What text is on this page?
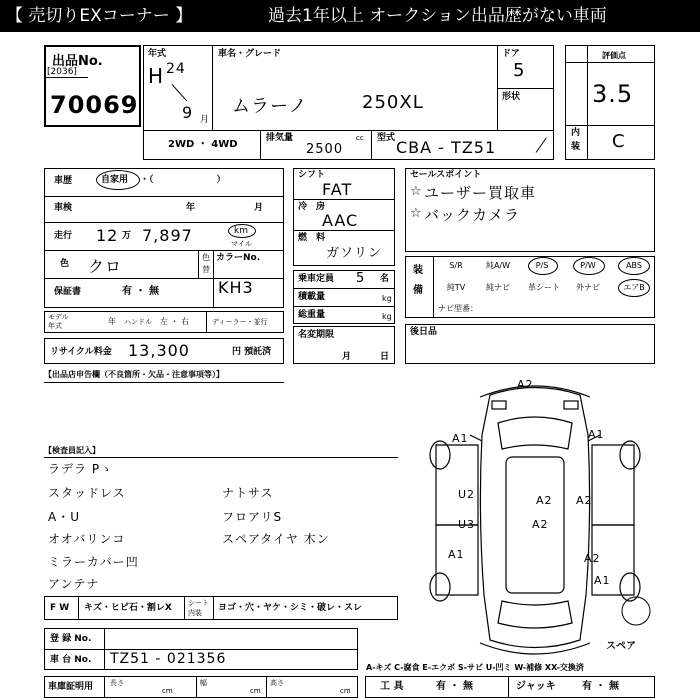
【 売切りEXコーナー 】	過去1年以上 オークション出品歴がない車両
出品No.
[2036]
70069
年式
H 24
9 月
車名・グレード
ムラーノ	250XL
ドア
5
形状
2WD ・ 4WD
排気量	cc
2500
型式 CBA - TZ51
評価点
3.5
内
装 C
車歴	自家用 ・（　　　　　　　）
車検	年	月
走行 12 万 7,897	km
マイル
色 クロ	色
替
保証書	有 ・ 無
カラーNo.
KH3
モデル
年式	年 ハンドル 左 ・ 右	ディーラー・並行
リサイクル料金 13,300	円 預託済
シフト
FAT
冷　房
AAC
燃　料
ガソリン
乗車定員 5 名
積載量	kg
総重量	kg
名変期限
月	日
セールスポイント
☆ ユーザー買取車
☆ バックカメラ
装
備
S/R	純A/W	P/S	P/W	ABS
純TV	純ナビ	革シート	外ナビ	エアB
ナビ型番：
後日品
【出品店申告欄（不良箇所・欠品・注意事項等）】
【検査員記入】
ラデラ Pゝ
スタッドレス
A・U
オオバリンコ
ミラーカバー凹
アンテナ
ナトサス
フロアリS
スペアタイヤ 木ン
F W キズ・ヒビ石・割レX シート
内装 ヨゴ・穴・ヤケ・シミ・破レ・スレ
登 録 No.
車 台 No. TZ51 - 021356
車庫証明用 長さ
cm
幅
cm
高さ
cm
A-キズ C-腐食 E-エクボ S-サビ U-凹ミ W-補修 XX-交換済
工 具	有 ・ 無	ジャッキ	有 ・ 無
A2
A1	A1
U2	A2 A2
U3	A2
A2
A1
A1
スペア
